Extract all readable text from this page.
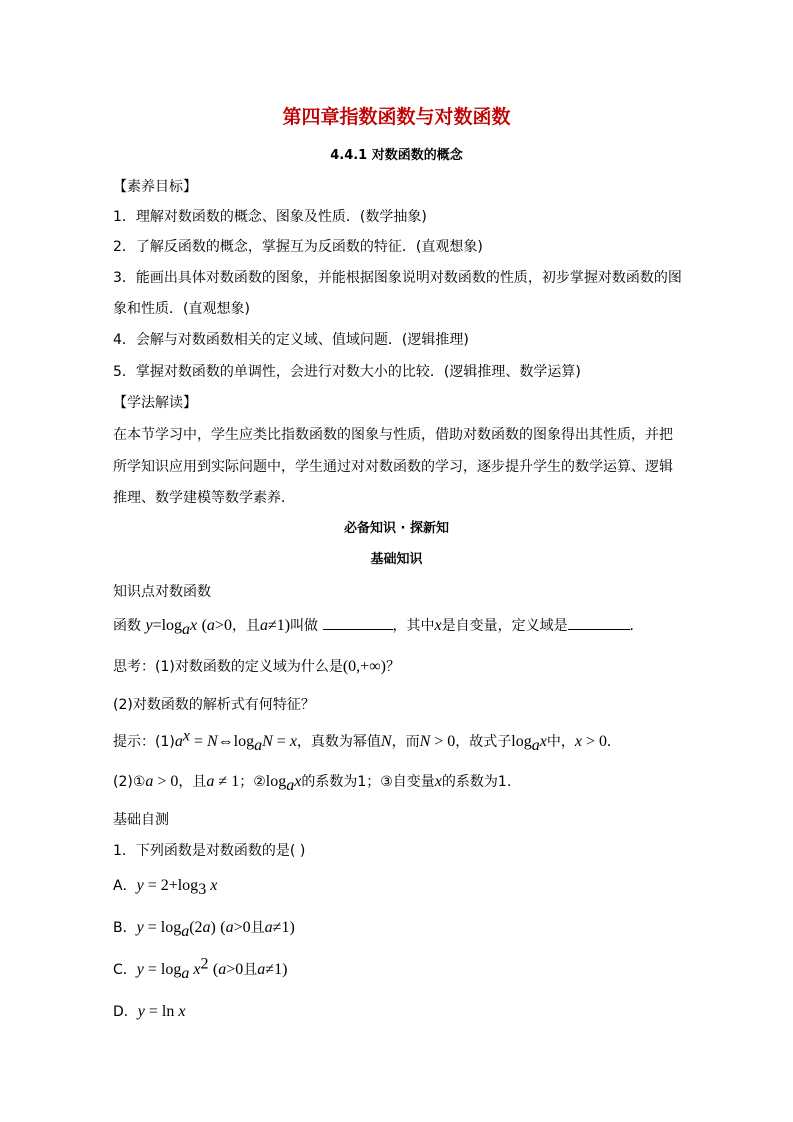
第四章指数函数与对数函数
4.4.1 对数函数的概念
【素养目标】
1．理解对数函数的概念、图象及性质．(数学抽象)
2．了解反函数的概念，掌握互为反函数的特征．(直观想象)
3．能画出具体对数函数的图象，并能根据图象说明对数函数的性质，初步掌握对数函数的图
象和性质．(直观想象)
4．会解与对数函数相关的定义域、值域问题．(逻辑推理)
5．掌握对数函数的单调性，会进行对数大小的比较．(逻辑推理、数学运算)
【学法解读】
在本节学习中，学生应类比指数函数的图象与性质，借助对数函数的图象得出其性质，并把
所学知识应用到实际问题中，学生通过对对数函数的学习，逐步提升学生的数学运算、逻辑
推理、数学建模等数学素养．
必备知识 · 探新知
基础知识
知识点对数函数
函数 $y=\log_ax$ (a>0，且a≠1)叫做	，其中x是自变量，定义域是	.
思考：(1)对数函数的定义域为什么是(0,+∞)？
(2)对数函数的解析式有何特征？
提示：$(1)a^x$ = $N\Leftrightarrow\log_aN = x$，真数为幂值N，而N > 0，故式子$\log_ax$中，x > 0.
(2)①a > 0，且a ≠ 1；$②\log_ax$的系数为1；③自变量x的系数为1.
基础自测
1．下列函数是对数函数的是( )
A．$y = 2+\log_3$ x
B．$y = \log_a(2a)$ (a>0且a≠1)
C．$y = \log_a x^2$ (a>0且a≠1)
D．y = ln x
